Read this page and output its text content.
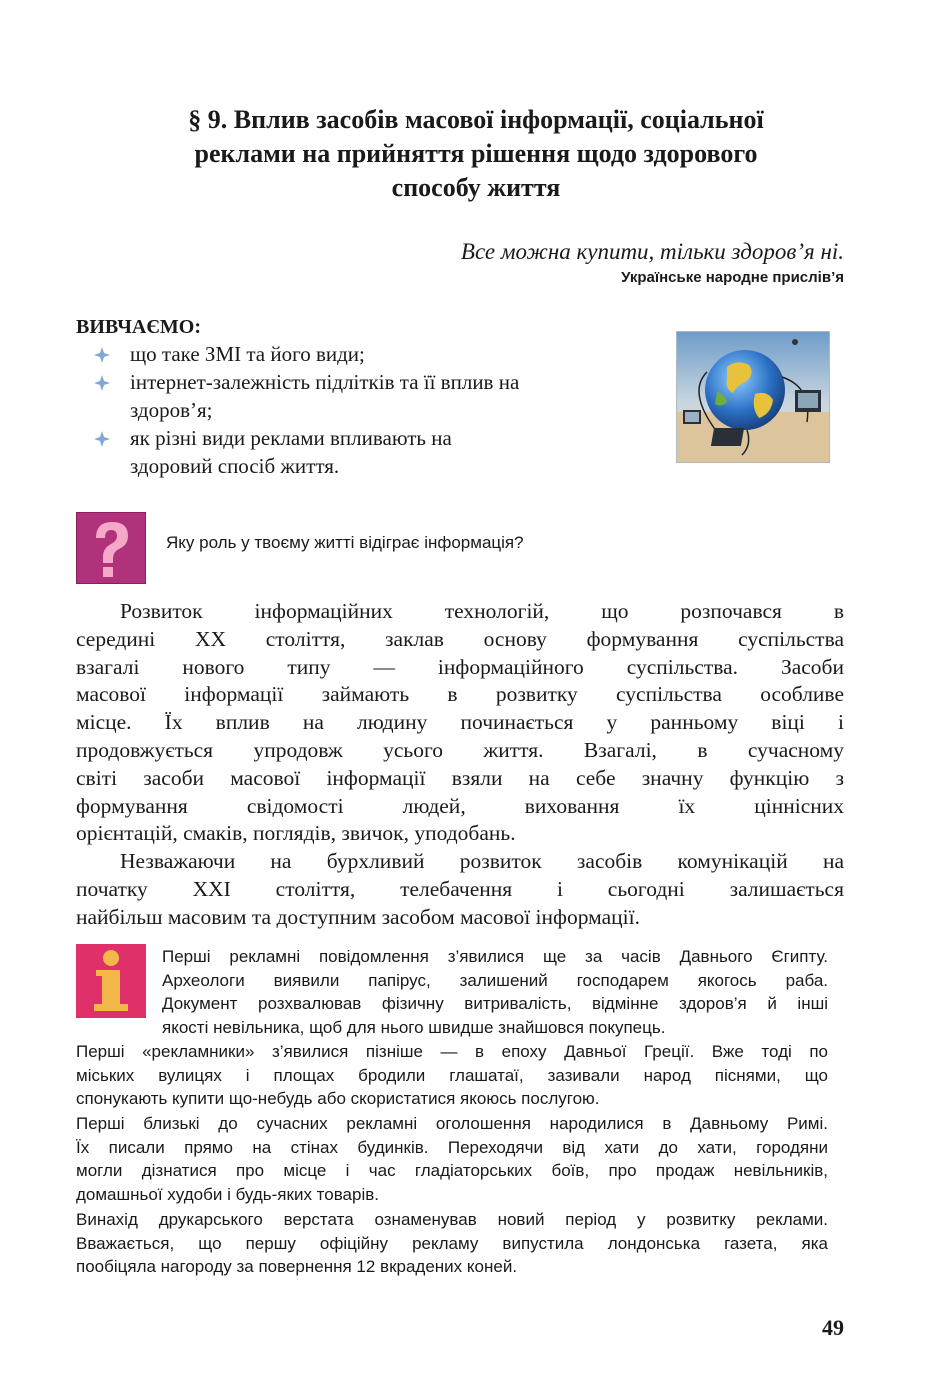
§ 9. Вплив засобів масової інформації, соціальної
реклами на прийняття рішення щодо здорового
способу життя
Все можна купити, тільки здоров’я ні.
Українське народне прислів’я
ВИВЧАЄМО:
що таке ЗМІ та його види;
інтернет-залежність підлітків та її вплив на
здоров’я;
як різні види реклами впливають на
здоровий спосіб життя.
Яку роль у твоєму житті відіграє інформація?

Розвиток інформаційних технологій, що розпочався в
середині XX століття, заклав основу формування суспільства
взагалі нового типу — інформаційного суспільства. Засоби
масової інформації займають в розвитку суспільства особливе
місце. Їх вплив на людину починається у ранньому віці і
продовжується упродовж усього життя. Взагалі, в сучасному
світі засоби масової інформації взяли на себе значну функцію з
формування свідомості людей, виховання їх ціннісних
орієнтацій, смаків, поглядів, звичок, уподобань.

Незважаючи на бурхливий розвиток засобів комунікацій на
початку XXI століття, телебачення і сьогодні залишається
найбільш масовим та доступним засобом масової інформації.

Перші рекламні повідомлення з’явилися ще за часів Давнього Єгипту.
Археологи виявили папірус, залишений господарем якогось раба.
Документ розхвалював фізичну витривалість, відмінне здоров’я й інші
якості невільника, щоб для нього швидше знайшовся покупець.

Перші «рекламники» з’явилися пізніше — в епоху Давньої Греції. Вже тоді по
міських вулицях і площах бродили глашатаї, зазивали народ піснями, що
спонукають купити що-небудь або скористатися якоюсь послугою.

Перші близькі до сучасних рекламні оголошення народилися в Давньому Римі.
Їх писали прямо на стінах будинків. Переходячи від хати до хати, городяни
могли дізнатися про місце і час гладіаторських боїв, про продаж невільників,
домашньої худоби і будь-яких товарів.

Винахід друкарського верстата ознаменував новий період у розвитку реклами.
Вважається, що першу офіційну рекламу випустила лондонська газета, яка
пообіцяла нагороду за повернення 12 вкрадених коней.

49
